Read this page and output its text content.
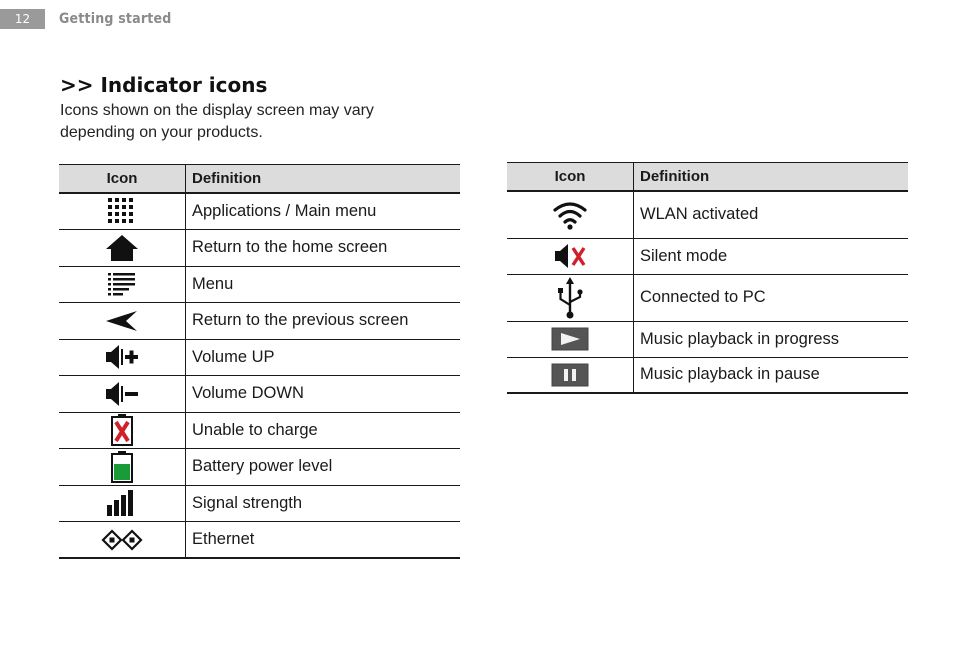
12	Getting started
>> Indicator icons
Icons shown on the display screen may vary depending on your products.
Icon	Definition

	Applications / Main menu

	Return to the home screen

	Menu

	Return to the previous screen

	Volume UP

	Volume DOWN

	Unable to charge

	Battery power level

	Signal strength

	Ethernet
Icon	Definition

	WLAN activated

	Silent mode

	Connected to PC

	Music playback in progress

	Music playback in pause
